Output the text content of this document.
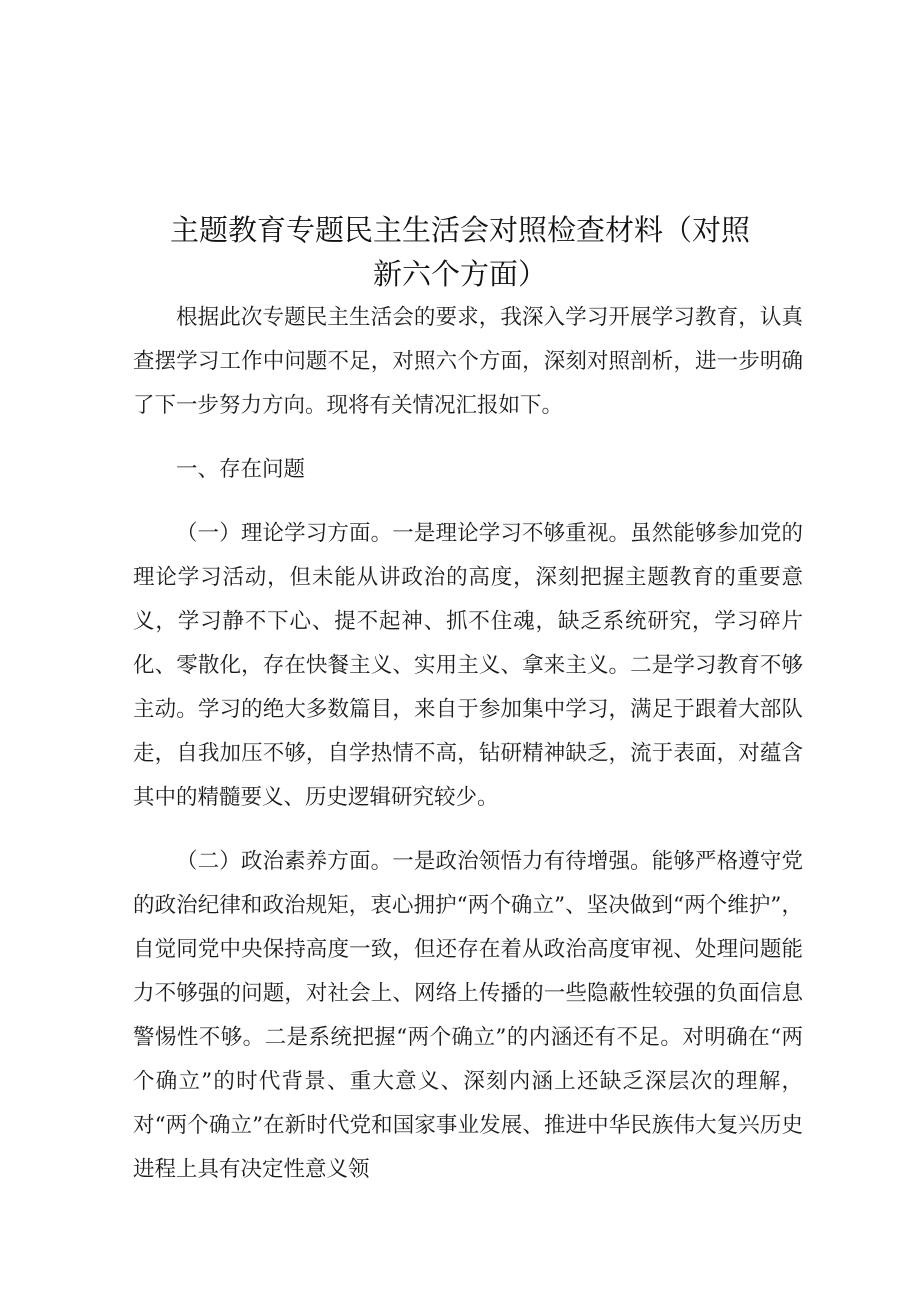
主题教育专题民主生活会对照检查材料（对照
新六个方面）

根据此次专题民主生活会的要求，我深入学习开展学习教育，认真查摆学习工作中问题不足，对照六个方面，深刻对照剖析，进一步明确了下一步努力方向。现将有关情况汇报如下。

一、存在问题

（一）理论学习方面。一是理论学习不够重视。虽然能够参加党的理论学习活动，但未能从讲政治的高度，深刻把握主题教育的重要意义，学习静不下心、提不起神、抓不住魂，缺乏系统研究，学习碎片化、零散化，存在快餐主义、实用主义、拿来主义。二是学习教育不够主动。学习的绝大多数篇目，来自于参加集中学习，满足于跟着大部队走，自我加压不够，自学热情不高，钻研精神缺乏，流于表面，对蕴含其中的精髓要义、历史逻辑研究较少。

（二）政治素养方面。一是政治领悟力有待增强。能够严格遵守党的政治纪律和政治规矩，衷心拥护“两个确立”、坚决做到“两个维护”，自觉同党中央保持高度一致，但还存在着从政治高度审视、处理问题能力不够强的问题，对社会上、网络上传播的一些隐蔽性较强的负面信息警惕性不够。二是系统把握“两个确立”的内涵还有不足。对明确在“两个确立”的时代背景、重大意义、深刻内涵上还缺乏深层次的理解，对“两个确立”在新时代党和国家事业发展、推进中华民族伟大复兴历史进程上具有决定性意义领
